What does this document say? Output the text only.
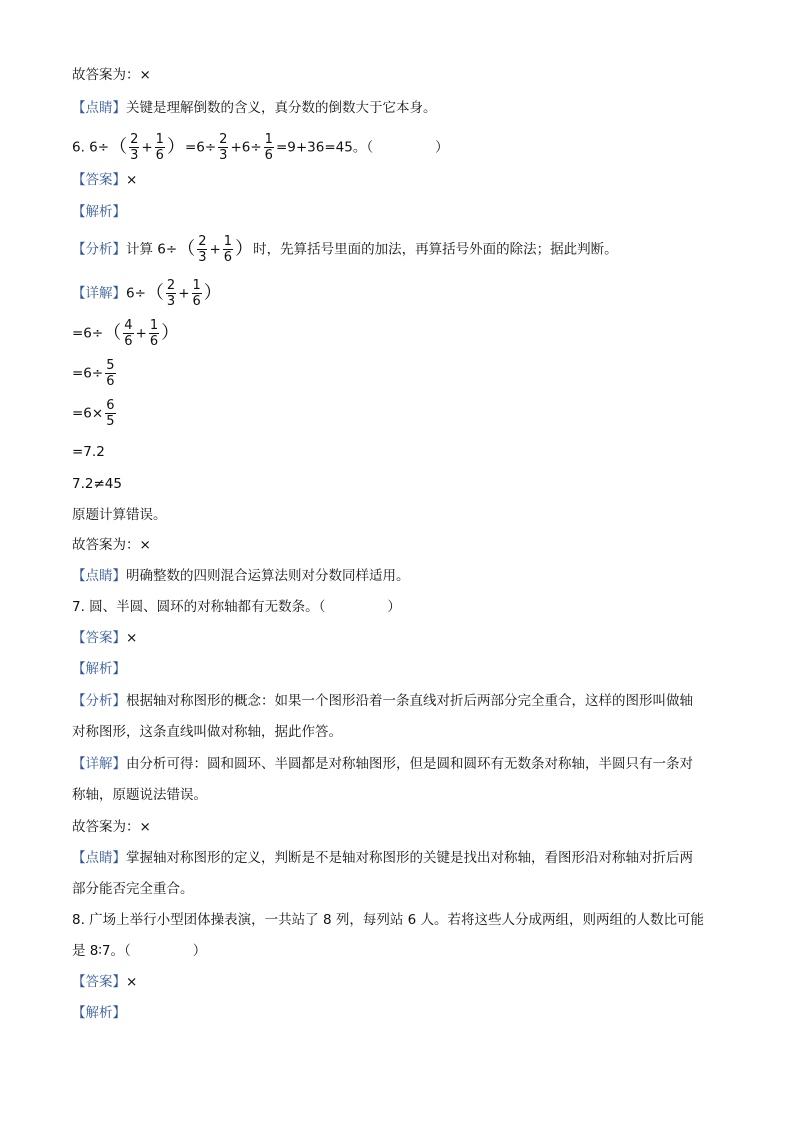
故答案为：×
【点睛】关键是理解倒数的含义，真分数的倒数大于它本身。
6. $6\div( \frac{2}{3} + \frac{1}{6} )=6\div \frac{2}{3} +6\div \frac{1}{6} =9+36=45$。（	）
【答案】×
【解析】
【分析】计算 $6\div( \frac{2}{3} + \frac{1}{6}$ ）时，先算括号里面的加法，再算括号外面的除法；据此判断。
【详解】$6\div( \frac{2}{3} + \frac{1}{6}$ ）
$=6\div( \frac{4}{6} + \frac{1}{6}$ ）
$=6\div \frac{5}{6}$
$=6\times \frac{6}{5}$
=7.2
7.2≠45
原题计算错误。
故答案为：×
【点睛】明确整数的四则混合运算法则对分数同样适用。
7. 圆、半圆、圆环的对称轴都有无数条。（	）
【答案】×
【解析】
【分析】根据轴对称图形的概念：如果一个图形沿着一条直线对折后两部分完全重合，这样的图形叫做轴
对称图形，这条直线叫做对称轴，据此作答。
【详解】由分析可得：圆和圆环、半圆都是对称轴图形，但是圆和圆环有无数条对称轴，半圆只有一条对
称轴，原题说法错误。
故答案为：×
【点睛】掌握轴对称图形的定义，判断是不是轴对称图形的关键是找出对称轴，看图形沿对称轴对折后两
部分能否完全重合。
8. 广场上举行小型团体操表演，一共站了 8 列，每列站 6 人。若将这些人分成两组，则两组的人数比可能
是 8∶7。（	）
【答案】×
【解析】
